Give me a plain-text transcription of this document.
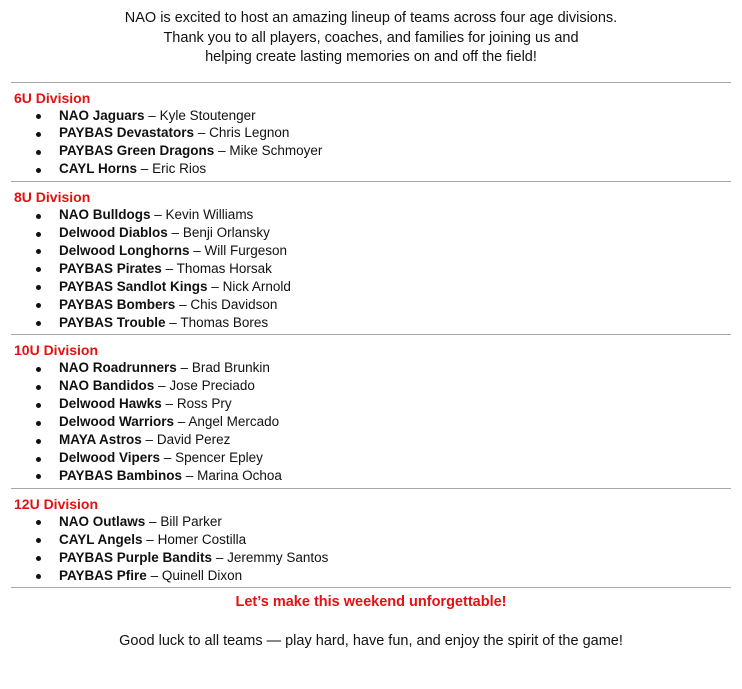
NAO is excited to host an amazing lineup of teams across four age divisions.
Thank you to all players, coaches, and families for joining us and
helping create lasting memories on and off the field!
6U Division
NAO Jaguars – Kyle Stoutenger
PAYBAS Devastators – Chris Legnon
PAYBAS Green Dragons – Mike Schmoyer
CAYL Horns – Eric Rios
8U Division
NAO Bulldogs – Kevin Williams
Delwood Diablos – Benji Orlansky
Delwood Longhorns – Will Furgeson
PAYBAS Pirates – Thomas Horsak
PAYBAS Sandlot Kings – Nick Arnold
PAYBAS Bombers – Chis Davidson
PAYBAS Trouble – Thomas Bores
10U Division
NAO Roadrunners – Brad Brunkin
NAO Bandidos – Jose Preciado
Delwood Hawks – Ross Pry
Delwood Warriors – Angel Mercado
MAYA Astros – David Perez
Delwood Vipers – Spencer Epley
PAYBAS Bambinos – Marina Ochoa
12U Division
NAO Outlaws – Bill Parker
CAYL Angels – Homer Costilla
PAYBAS Purple Bandits – Jeremmy Santos
PAYBAS Pfire – Quinell Dixon
Let’s make this weekend unforgettable!
Good luck to all teams — play hard, have fun, and enjoy the spirit of the game!
